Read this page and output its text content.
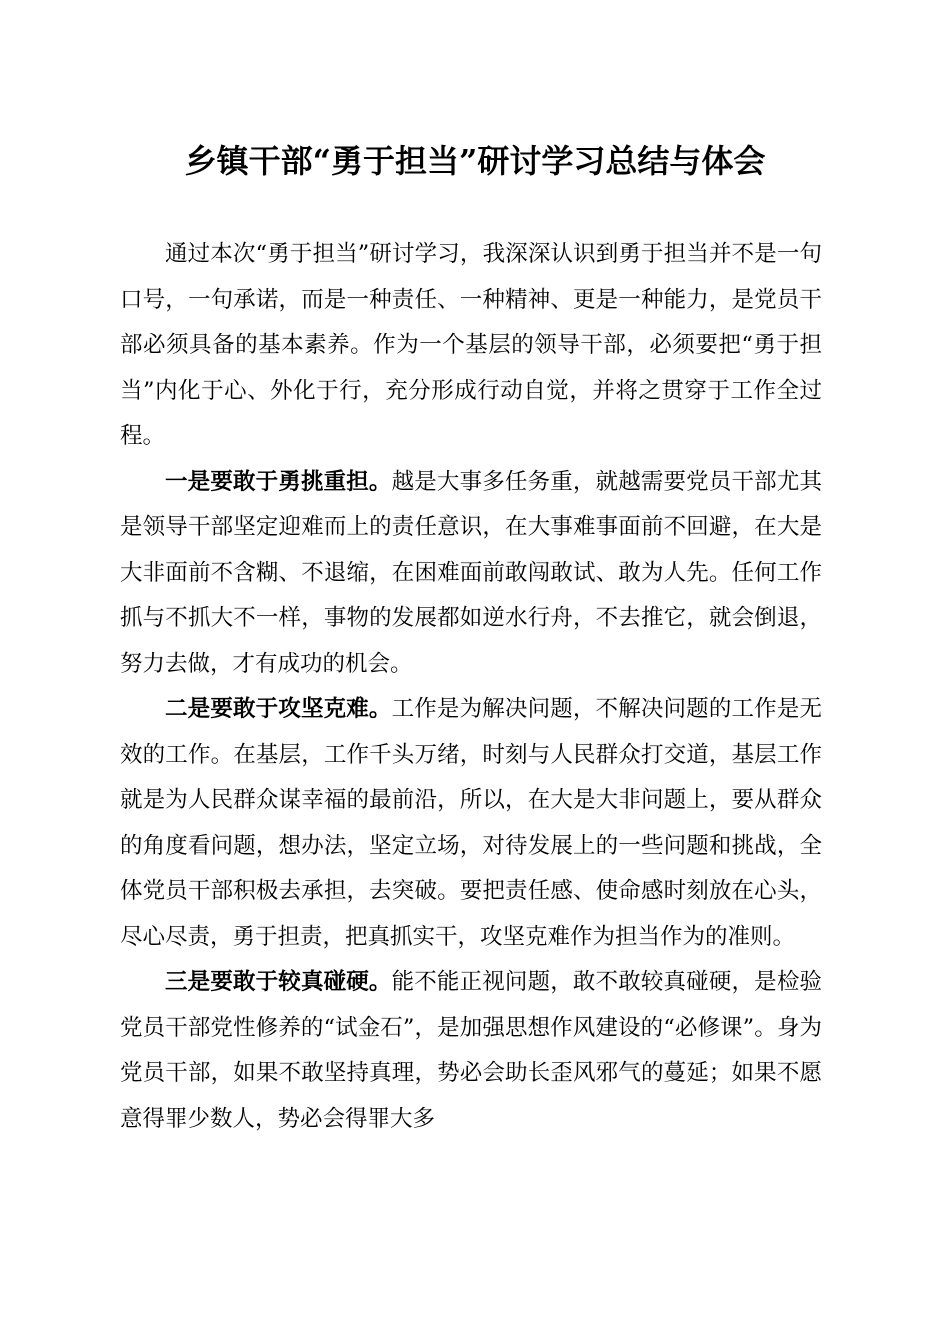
乡镇干部“勇于担当”研讨学习总结与体会

通过本次“勇于担当”研讨学习，我深深认识到勇于担当并不是一句口号，一句承诺，而是一种责任、一种精神、更是一种能力，是党员干部必须具备的基本素养。作为一个基层的领导干部，必须要把“勇于担当”内化于心、外化于行，充分形成行动自觉，并将之贯穿于工作全过程。

一是要敢于勇挑重担。越是大事多任务重，就越需要党员干部尤其是领导干部坚定迎难而上的责任意识，在大事难事面前不回避，在大是大非面前不含糊、不退缩，在困难面前敢闯敢试、敢为人先。任何工作抓与不抓大不一样，事物的发展都如逆水行舟，不去推它，就会倒退，努力去做，才有成功的机会。

二是要敢于攻坚克难。工作是为解决问题，不解决问题的工作是无效的工作。在基层，工作千头万绪，时刻与人民群众打交道，基层工作就是为人民群众谋幸福的最前沿，所以，在大是大非问题上，要从群众的角度看问题，想办法，坚定立场，对待发展上的一些问题和挑战，全体党员干部积极去承担，去突破。要把责任感、使命感时刻放在心头，尽心尽责，勇于担责，把真抓实干，攻坚克难作为担当作为的准则。

三是要敢于较真碰硬。能不能正视问题，敢不敢较真碰硬，是检验党员干部党性修养的“试金石”，是加强思想作风建设的“必修课”。身为党员干部，如果不敢坚持真理，势必会助长歪风邪气的蔓延；如果不愿意得罪少数人，势必会得罪大多
